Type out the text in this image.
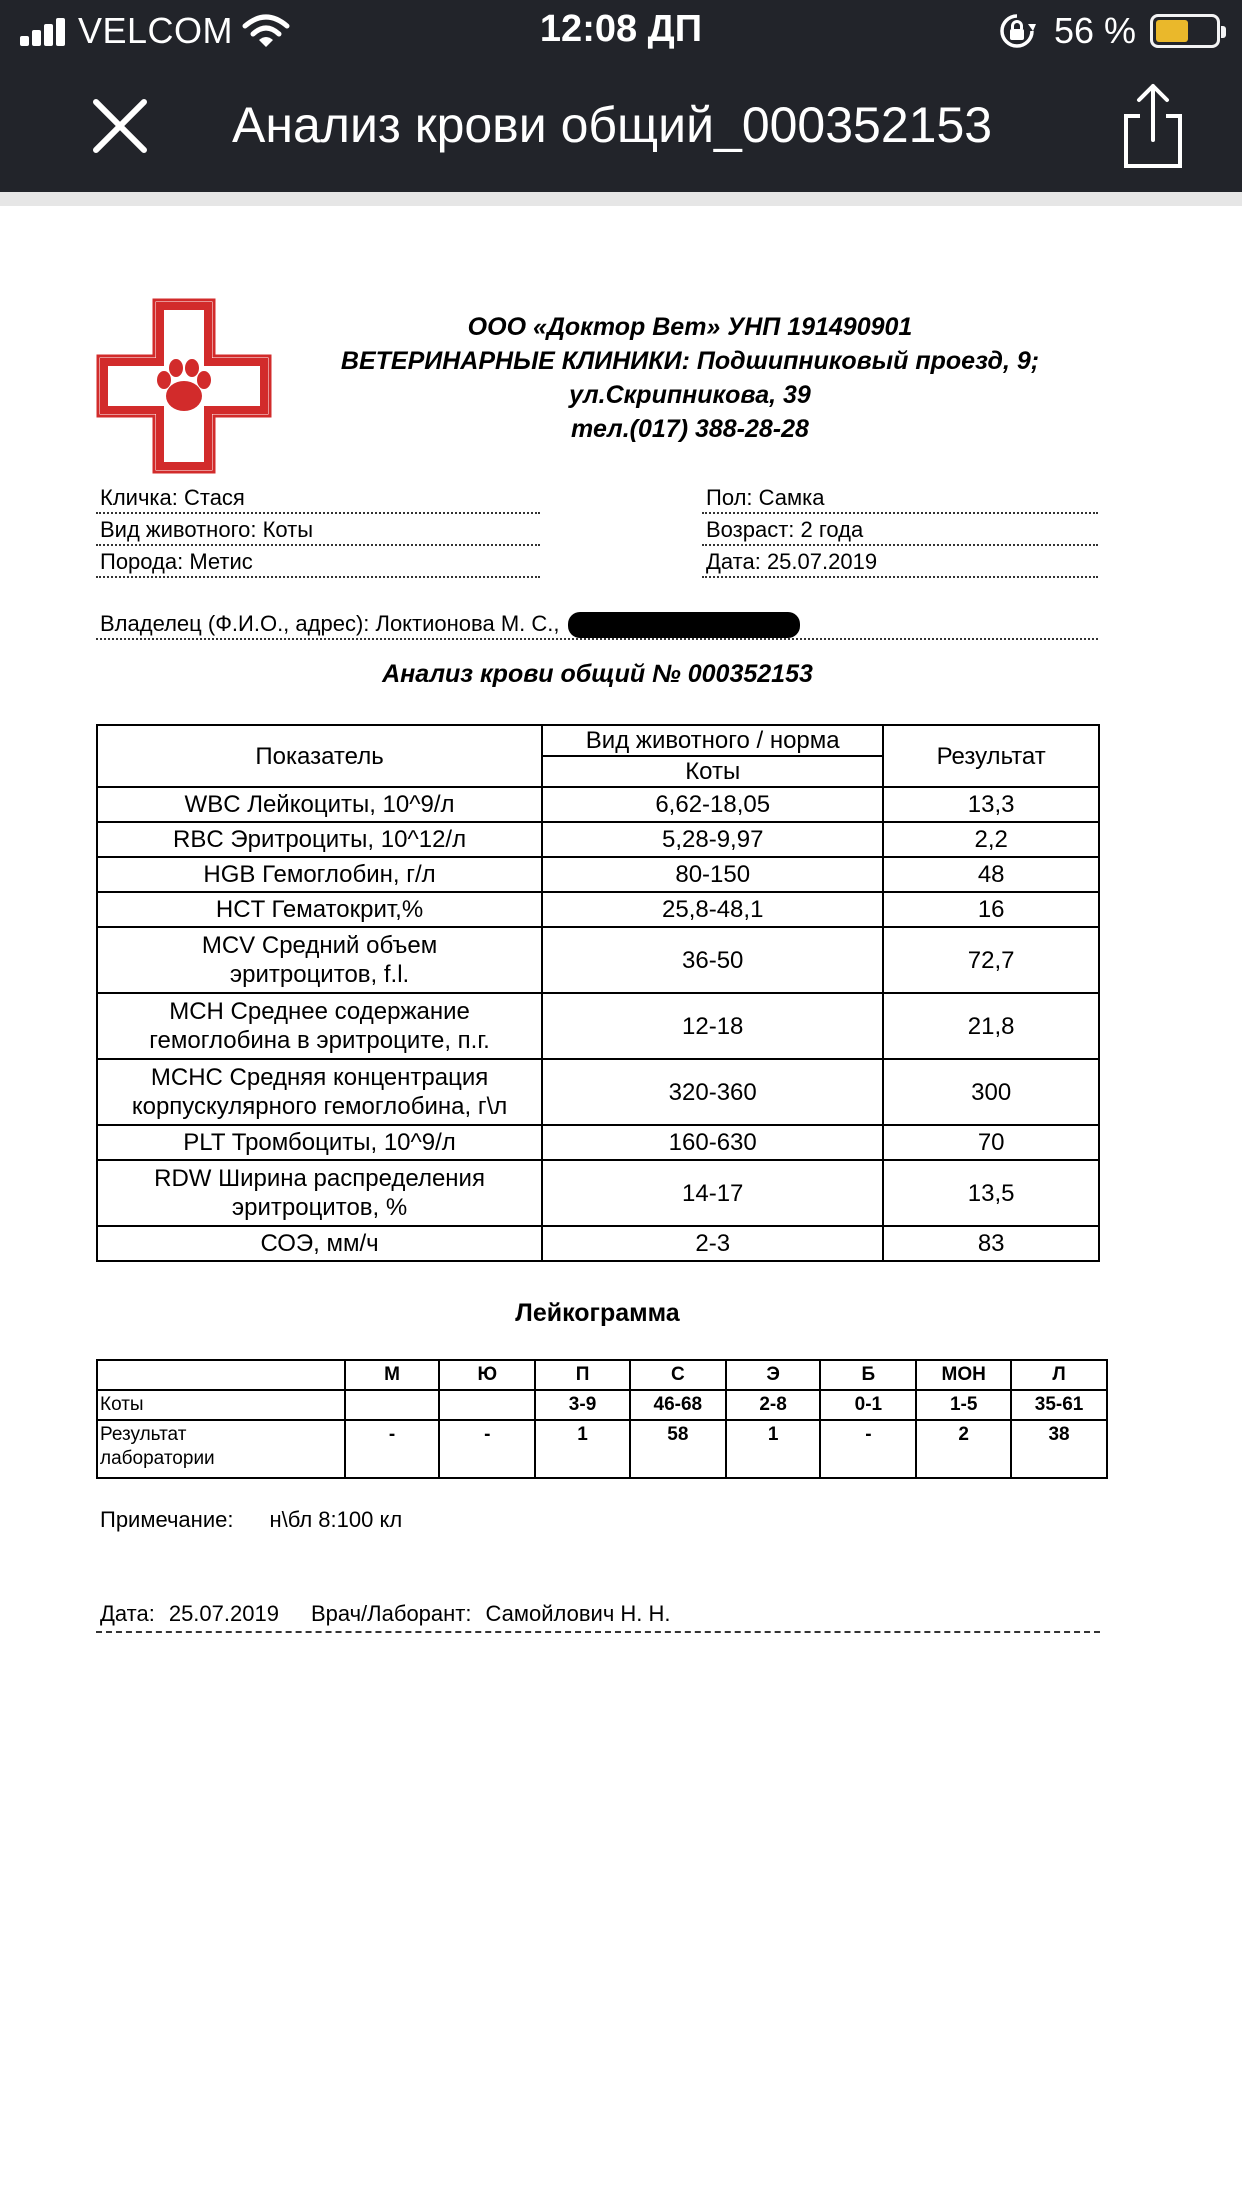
VELCOM	12:08 ДП	56 %
Анализ крови общий_000352153
ООО «Доктор Вет» УНП 191490901
ВЕТЕРИНАРНЫЕ КЛИНИКИ: Подшипниковый проезд, 9;
ул.Скрипникова, 39
тел.(017) 388-28-28
Кличка: Стася
Вид животного: Коты
Порода: Метис
Пол: Самка
Возраст: 2 года
Дата: 25.07.2019
Владелец (Ф.И.О., адрес): Локтионова М. С.,
Анализ крови общий № 000352153
Показатель	Вид животного / норма	Результат
	Коты	
WBC Лейкоциты, 10^9/л	6,62-18,05	13,3
RBC Эритроциты, 10^12/л	5,28-9,97	2,2
HGB Гемоглобин, г/л	80-150	48
HCT Гематокрит,%	25,8-48,1	16

MCV Средний объем
эритроцитов, f.l.	36-50	72,7

MCH Среднее содержание
гемоглобина в эритроците, п.г.	12-18	21,8

MCHC Средняя концентрация
корпускулярного гемоглобина, г\л	320-360	300
PLT Тромбоциты, 10^9/л	160-630	70

RDW Ширина распределения
эритроцитов, %	14-17	13,5
СОЭ, мм/ч	2-3	83
Лейкограмма
	М	Ю	П	С	Э	Б	МОН	Л
Коты			3-9	46-68	2-8	0-1	1-5	35-61

Результат
лаборатории	-	-	1	58	1	-	2	38
Примечание: н\бл 8:100 кл
Дата: 25.07.2019 Врач/Лаборант: Самойлович Н. Н.
